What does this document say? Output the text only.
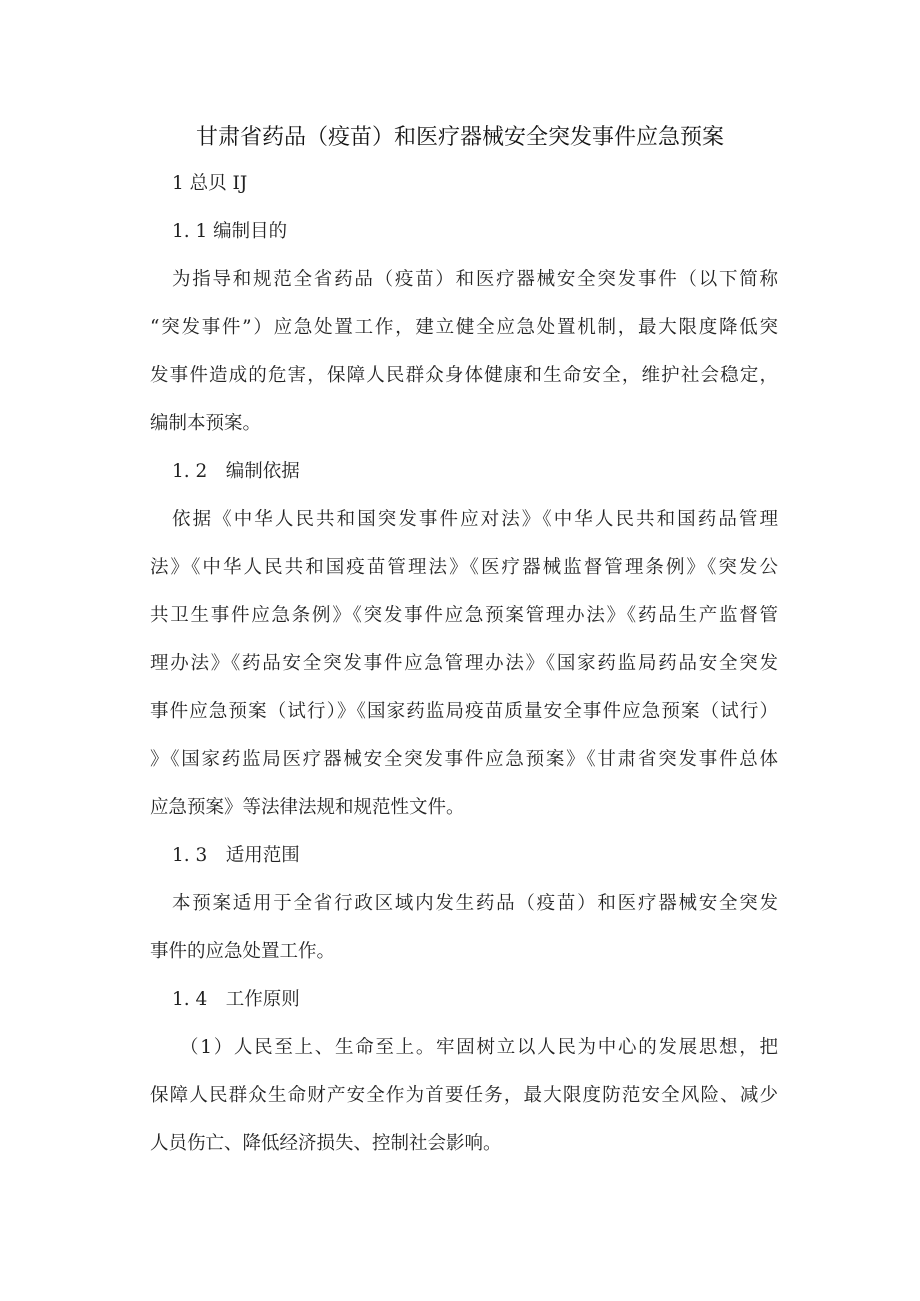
甘肃省药品（疫苗）和医疗器械安全突发事件应急预案
1 总贝 IJ
1. 1 编制目的
为指导和规范全省药品（疫苗）和医疗器械安全突发事件（以下简称
“突发事件”）应急处置工作，建立健全应急处置机制，最大限度降低突
发事件造成的危害，保障人民群众身体健康和生命安全，维护社会稳定，
编制本预案。
1. 2　编制依据
依据《中华人民共和国突发事件应对法》《中华人民共和国药品管理
法》《中华人民共和国疫苗管理法》《医疗器械监督管理条例》《突发公
共卫生事件应急条例》《突发事件应急预案管理办法》《药品生产监督管
理办法》《药品安全突发事件应急管理办法》《国家药监局药品安全突发
事件应急预案（试行）》《国家药监局疫苗质量安全事件应急预案（试行）
》《国家药监局医疗器械安全突发事件应急预案》《甘肃省突发事件总体
应急预案》等法律法规和规范性文件。
1. 3　适用范围
本预案适用于全省行政区域内发生药品（疫苗）和医疗器械安全突发
事件的应急处置工作。
1. 4　工作原则
（1）人民至上、生命至上。牢固树立以人民为中心的发展思想，把
保障人民群众生命财产安全作为首要任务，最大限度防范安全风险、减少
人员伤亡、降低经济损失、控制社会影响。
